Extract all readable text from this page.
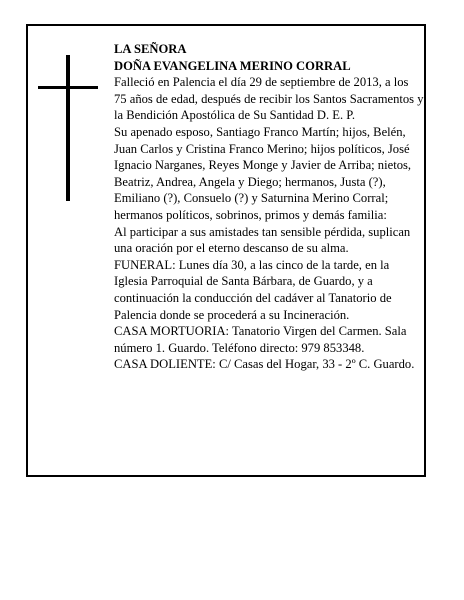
LA SEÑORA

DOÑA EVANGELINA MERINO CORRAL

Falleció en Palencia el día 29 de septiembre de 2013, a los 75 años de edad, después de recibir los Santos Sacramentos y la Bendición Apostólica de Su Santidad D. E. P.

Su apenado esposo, Santiago Franco Martín; hijos, Belén, Juan Carlos y Cristina Franco Merino; hijos políticos, José Ignacio Narganes, Reyes Monge y Javier de Arriba; nietos, Beatriz, Andrea, Angela y Diego; hermanos, Justa (?), Emiliano (?), Consuelo (?) y Saturnina Merino Corral; hermanos políticos, sobrinos, primos y demás familia:

Al participar a sus amistades tan sensible pérdida, suplican una oración por el eterno descanso de su alma.

FUNERAL: Lunes día 30, a las cinco de la tarde, en la Iglesia Parroquial de Santa Bárbara, de Guardo, y a continuación la conducción del cadáver al Tanatorio de Palencia donde se procederá a su Incineración.

CASA MORTUORIA: Tanatorio Virgen del Carmen. Sala número 1. Guardo. Teléfono directo: 979 853348.

CASA DOLIENTE: C/ Casas del Hogar, 33 - 2º C. Guardo.
